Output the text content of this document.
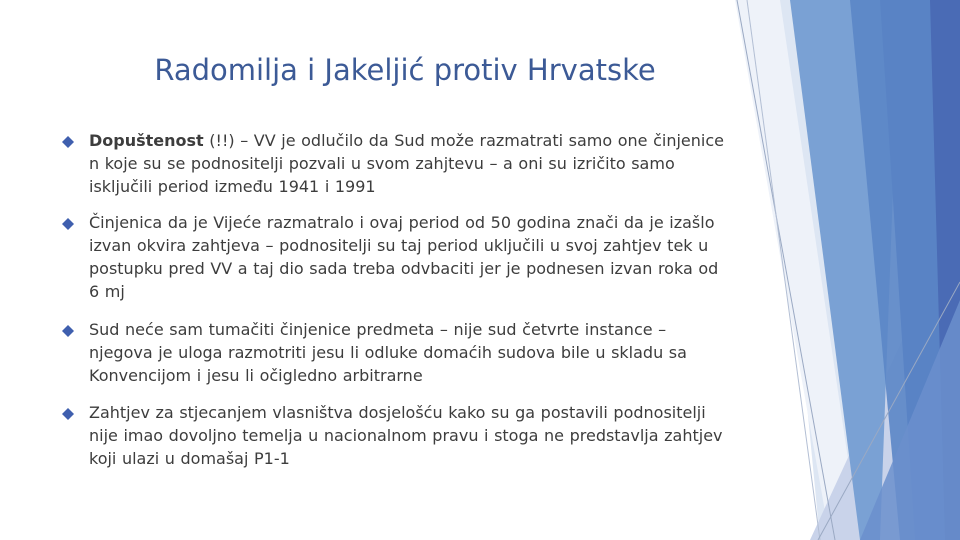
Radomilja i Jakeljić protiv Hrvatske
Dopuštenost (!!) – VV je odlučilo da Sud može razmatrati samo one činjenice n koje su se podnositelji pozvali u svom zahjtevu – a oni su izričito samo isključili period između 1941 i 1991
Činjenica da je Vijeće razmatralo i ovaj period od 50 godina znači da je izašlo izvan okvira zahtjeva – podnositelji su taj period uključili u svoj zahtjev tek u postupku pred VV a taj dio sada treba odvbaciti jer je podnesen izvan roka od 6 mj
Sud neće sam tumačiti činjenice predmeta – nije sud četvrte instance – njegova je uloga razmotriti jesu li odluke domaćih sudova bile u skladu sa Konvencijom i jesu li očigledno arbitrarne
Zahtjev za stjecanjem vlasništva dosjelošću kako su ga postavili podnositelji nije imao dovoljno temelja u nacionalnom pravu i stoga ne predstavlja zahtjev koji ulazi u domašaj P1-1
